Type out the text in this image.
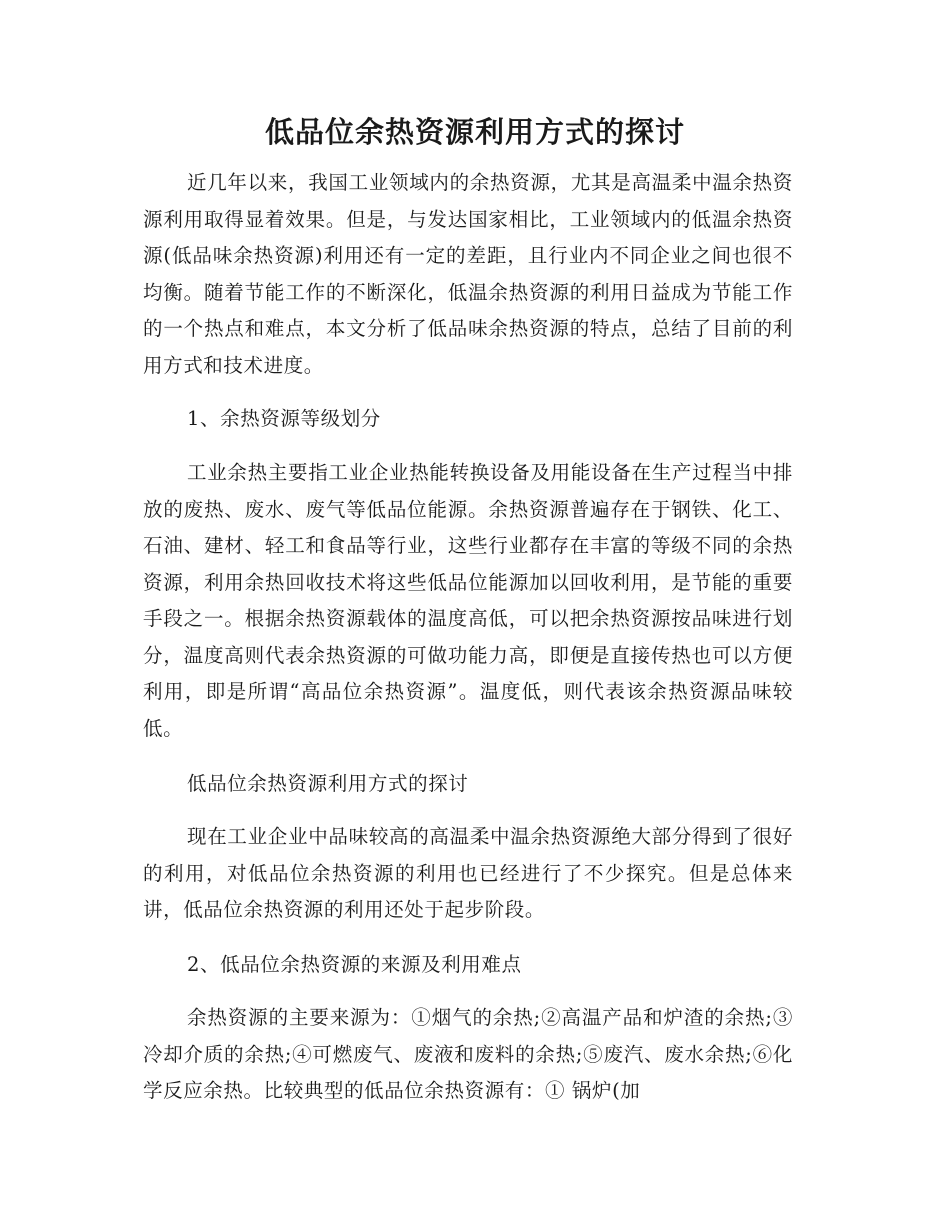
低品位余热资源利用方式的探讨

近几年以来，我国工业领域内的余热资源，尤其是高温柔中温余热资源利用取得显着效果。但是，与发达国家相比，工业领域内的低温余热资源(低品味余热资源)利用还有一定的差距，且行业内不同企业之间也很不均衡。随着节能工作的不断深化，低温余热资源的利用日益成为节能工作的一个热点和难点，本文分析了低品味余热资源的特点，总结了目前的利用方式和技术进度。

1、余热资源等级划分

工业余热主要指工业企业热能转换设备及用能设备在生产过程当中排放的废热、废水、废气等低品位能源。余热资源普遍存在于钢铁、化工、石油、建材、轻工和食品等行业，这些行业都存在丰富的等级不同的余热资源，利用余热回收技术将这些低品位能源加以回收利用，是节能的重要手段之一。根据余热资源载体的温度高低，可以把余热资源按品味进行划分，温度高则代表余热资源的可做功能力高，即便是直接传热也可以方便利用，即是所谓“高品位余热资源”。温度低，则代表该余热资源品味较低。

低品位余热资源利用方式的探讨

现在工业企业中品味较高的高温柔中温余热资源绝大部分得到了很好的利用，对低品位余热资源的利用也已经进行了不少探究。但是总体来讲，低品位余热资源的利用还处于起步阶段。

2、低品位余热资源的来源及利用难点

余热资源的主要来源为：①烟气的余热;②高温产品和炉渣的余热;③冷却介质的余热;④可燃废气、废液和废料的余热;⑤废汽、废水余热;⑥化学反应余热。比较典型的低品位余热资源有：① 锅炉(加
